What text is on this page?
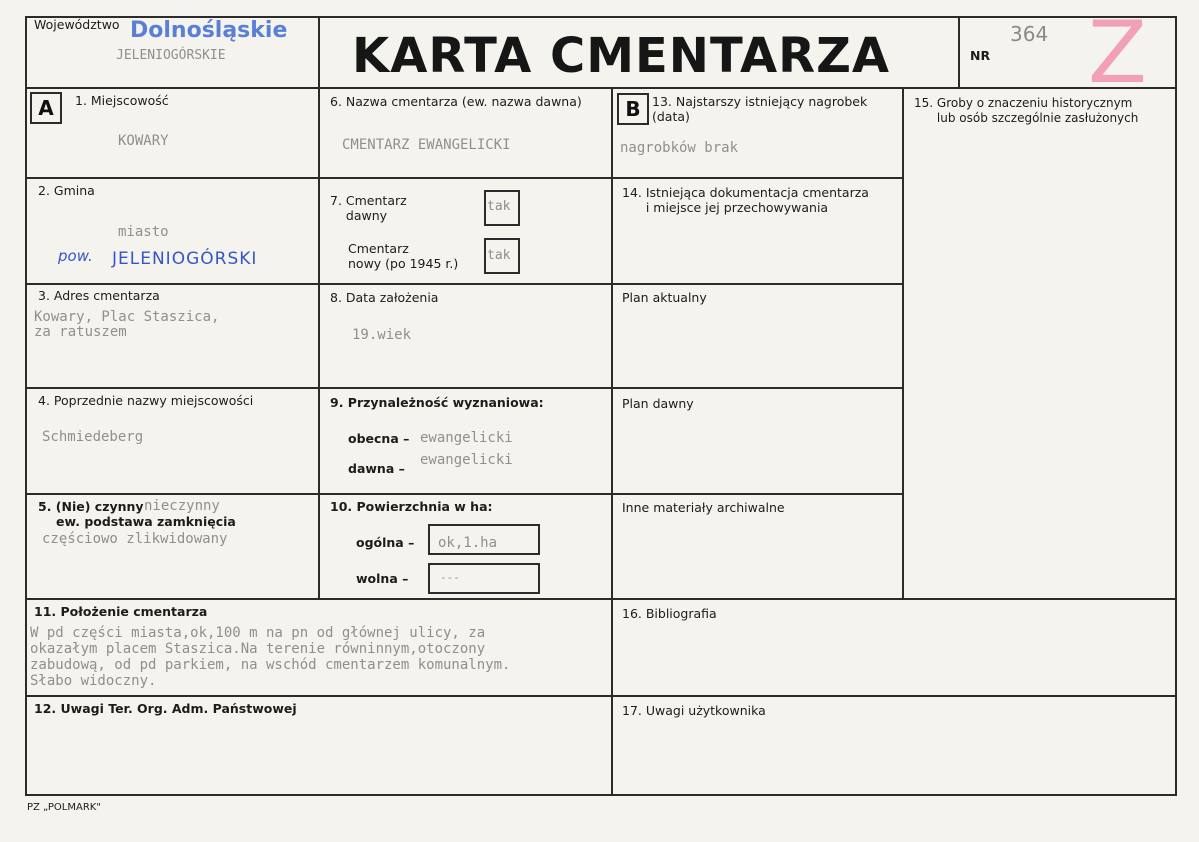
Województwo Dolnośląskie
JELENIOGÓRSKIE	KARTA CMENTARZA	NR
364 Z
A	1. Miejscowość
KOWARY
2. Gmina
miasto
pow. JELENIOGÓRSKI
3. Adres cmentarza
Kowary, Plac Staszica,
za ratuszem
4. Poprzednie nazwy miejscowości
Schmiedeberg
5. (Nie) czynny nieczynny
ew. podstawa zamknięcia
częściowo zlikwidowany
6. Nazwa cmentarza (ew. nazwa dawna)
CMENTARZ EWANGELICKI
7. Cmentarz
dawny
tak
Cmentarz
nowy (po 1945 r.)
tak
8. Data założenia
19.wiek
9. Przynależność wyznaniowa:
obecna – ewangelicki
dawna –
ewangelicki
10. Powierzchnia w ha:
ogólna – ok,1.ha
wolna –	---
11. Położenie cmentarza
W pd części miasta,ok,100 m na pn od głównej ulicy, za
okazałym placem Staszica.Na terenie równinnym,otoczony
zabudową, od pd parkiem, na wschód cmentarzem komunalnym.
Słabo widoczny.
12. Uwagi Ter. Org. Adm. Państwowej
B 13. Najstarszy istniejący nagrobek
(data)
nagrobków brak
14. Istniejąca dokumentacja cmentarza
i miejsce jej przechowywania
Plan aktualny
Plan dawny
Inne materiały archiwalne
15. Groby o znaczeniu historycznym
lub osób szczególnie zasłużonych
16. Bibliografia
17. Uwagi użytkownika
PZ „POLMARK"
